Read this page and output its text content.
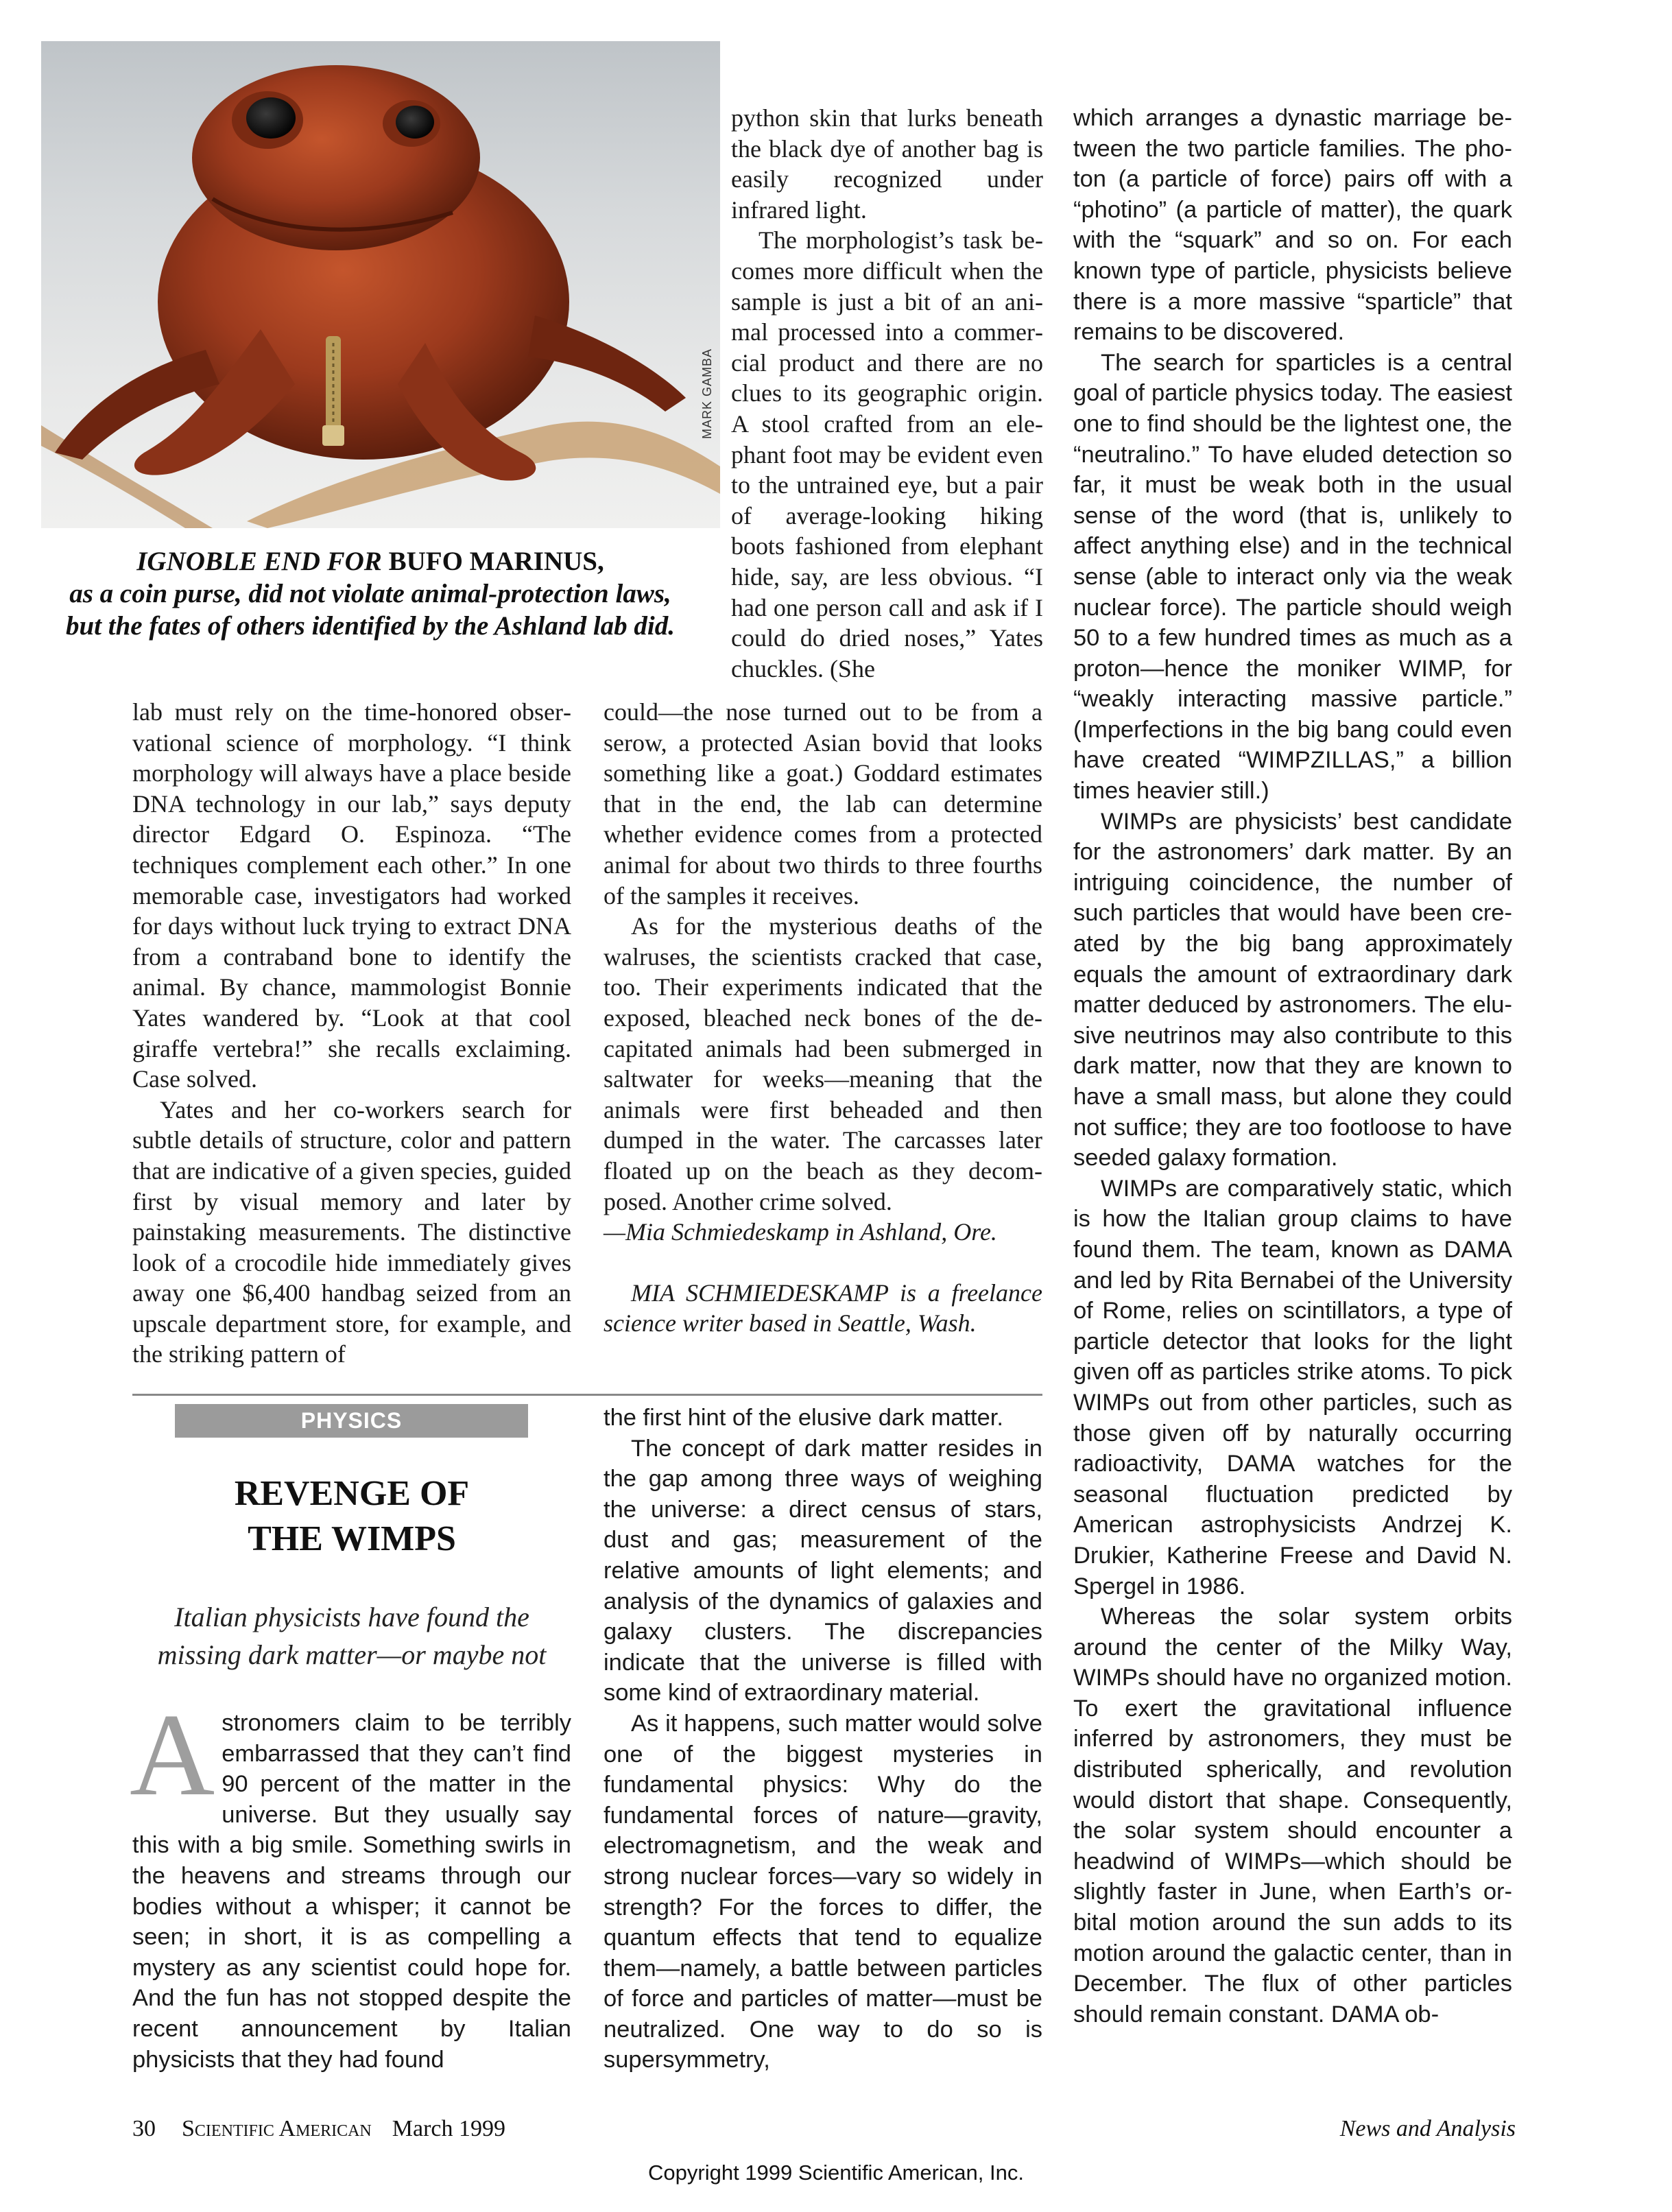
MARK GAMBA
IGNOBLE END FOR BUFO MARINUS,
as a coin purse, did not violate animal-protection laws,
but the fates of others identified by the Ashland lab did.

python skin that lurks beneath the black dye of another bag is easily recognized under infrared light.

The morphologist’s task becomes more difficult when the sample is just a bit of an animal processed into a commercial product and there are no clues to its geographic origin. A stool crafted from an elephant foot may be evident even to the untrained eye, but a pair of average-looking hiking boots fashioned from elephant hide, say, are less obvious. “I had one person call and ask if I could do dried noses,” Yates chuckles. (She

lab must rely on the time-honored observational science of morphology. “I think morphology will always have a place beside DNA technology in our lab,” says deputy director Edgard O. Espinoza. “The techniques complement each other.” In one memorable case, investigators had worked for days without luck trying to extract DNA from a contraband bone to identify the animal. By chance, mammologist Bonnie Yates wandered by. “Look at that cool giraffe vertebra!” she recalls exclaiming. Case solved.

Yates and her co-workers search for subtle details of structure, color and pattern that are indicative of a given species, guided first by visual memory and later by painstaking measurements. The distinctive look of a crocodile hide immediately gives away one $6,400 handbag seized from an upscale department store, for example, and the striking pattern of

could—the nose turned out to be from a serow, a protected Asian bovid that looks something like a goat.) Goddard estimates that in the end, the lab can determine whether evidence comes from a protected animal for about two thirds to three fourths of the samples it receives.

As for the mysterious deaths of the walruses, the scientists cracked that case, too. Their experiments indicated that the exposed, bleached neck bones of the decapitated animals had been submerged in saltwater for weeks—meaning that the animals were first beheaded and then dumped in the water. The carcasses later floated up on the beach as they decomposed. Another crime solved.

—Mia Schmiedeskamp in Ashland, Ore.

MIA SCHMIEDESKAMP is a freelance science writer based in Seattle, Wash.

PHYSICS
REVENGE OF
THE WIMPS
Italian physicists have found the
missing dark matter—or maybe not

Astronomers claim to be terribly embarrassed that they can’t find 90 percent of the matter in the universe. But they usually say this with a big smile. Something swirls in the heavens and streams through our bodies without a whisper; it cannot be seen; in short, it is as compelling a mystery as any scientist could hope for. And the fun has not stopped despite the recent announcement by Italian physicists that they had found

the first hint of the elusive dark matter.

The concept of dark matter resides in the gap among three ways of weighing the universe: a direct census of stars, dust and gas; measurement of the relative amounts of light elements; and analysis of the dynamics of galaxies and galaxy clusters. The discrepancies indicate that the universe is filled with some kind of extraordinary material.

As it happens, such matter would solve one of the biggest mysteries in fundamental physics: Why do the fundamental forces of nature—gravity, electromagnetism, and the weak and strong nuclear forces—vary so widely in strength? For the forces to differ, the quantum effects that tend to equalize them—namely, a battle between particles of force and particles of matter—must be neutralized. One way to do so is supersymmetry,

which arranges a dynastic marriage between the two particle families. The photon (a particle of force) pairs off with a “photino” (a particle of matter), the quark with the “squark” and so on. For each known type of particle, physicists believe there is a more massive “sparticle” that remains to be discovered.

The search for sparticles is a central goal of particle physics today. The easiest one to find should be the lightest one, the “neutralino.” To have eluded detection so far, it must be weak both in the usual sense of the word (that is, unlikely to affect anything else) and in the technical sense (able to interact only via the weak nuclear force). The particle should weigh 50 to a few hundred times as much as a proton—hence the moniker WIMP, for “weakly interacting massive particle.” (Imperfections in the big bang could even have created “WIMPZILLAS,” a billion times heavier still.)

WIMPs are physicists’ best candidate for the astronomers’ dark matter. By an intriguing coincidence, the number of such particles that would have been created by the big bang approximately equals the amount of extraordinary dark matter deduced by astronomers. The elusive neutrinos may also contribute to this dark matter, now that they are known to have a small mass, but alone they could not suffice; they are too footloose to have seeded galaxy formation.

WIMPs are comparatively static, which is how the Italian group claims to have found them. The team, known as DAMA and led by Rita Bernabei of the University of Rome, relies on scintillators, a type of particle detector that looks for the light given off as particles strike atoms. To pick WIMPs out from other particles, such as those given off by naturally occurring radioactivity, DAMA watches for the seasonal fluctuation predicted by American astrophysicists Andrzej K. Drukier, Katherine Freese and David N. Spergel in 1986.

Whereas the solar system orbits around the center of the Milky Way, WIMPs should have no organized motion. To exert the gravitational influence inferred by astronomers, they must be distributed spherically, and revolution would distort that shape. Consequently, the solar system should encounter a headwind of WIMPs—which should be slightly faster in June, when Earth’s orbital motion around the sun adds to its motion around the galactic center, than in December. The flux of other particles should remain constant. DAMA ob-

30 Scientific American March 1999	News and Analysis
Copyright 1999 Scientific American, Inc.
